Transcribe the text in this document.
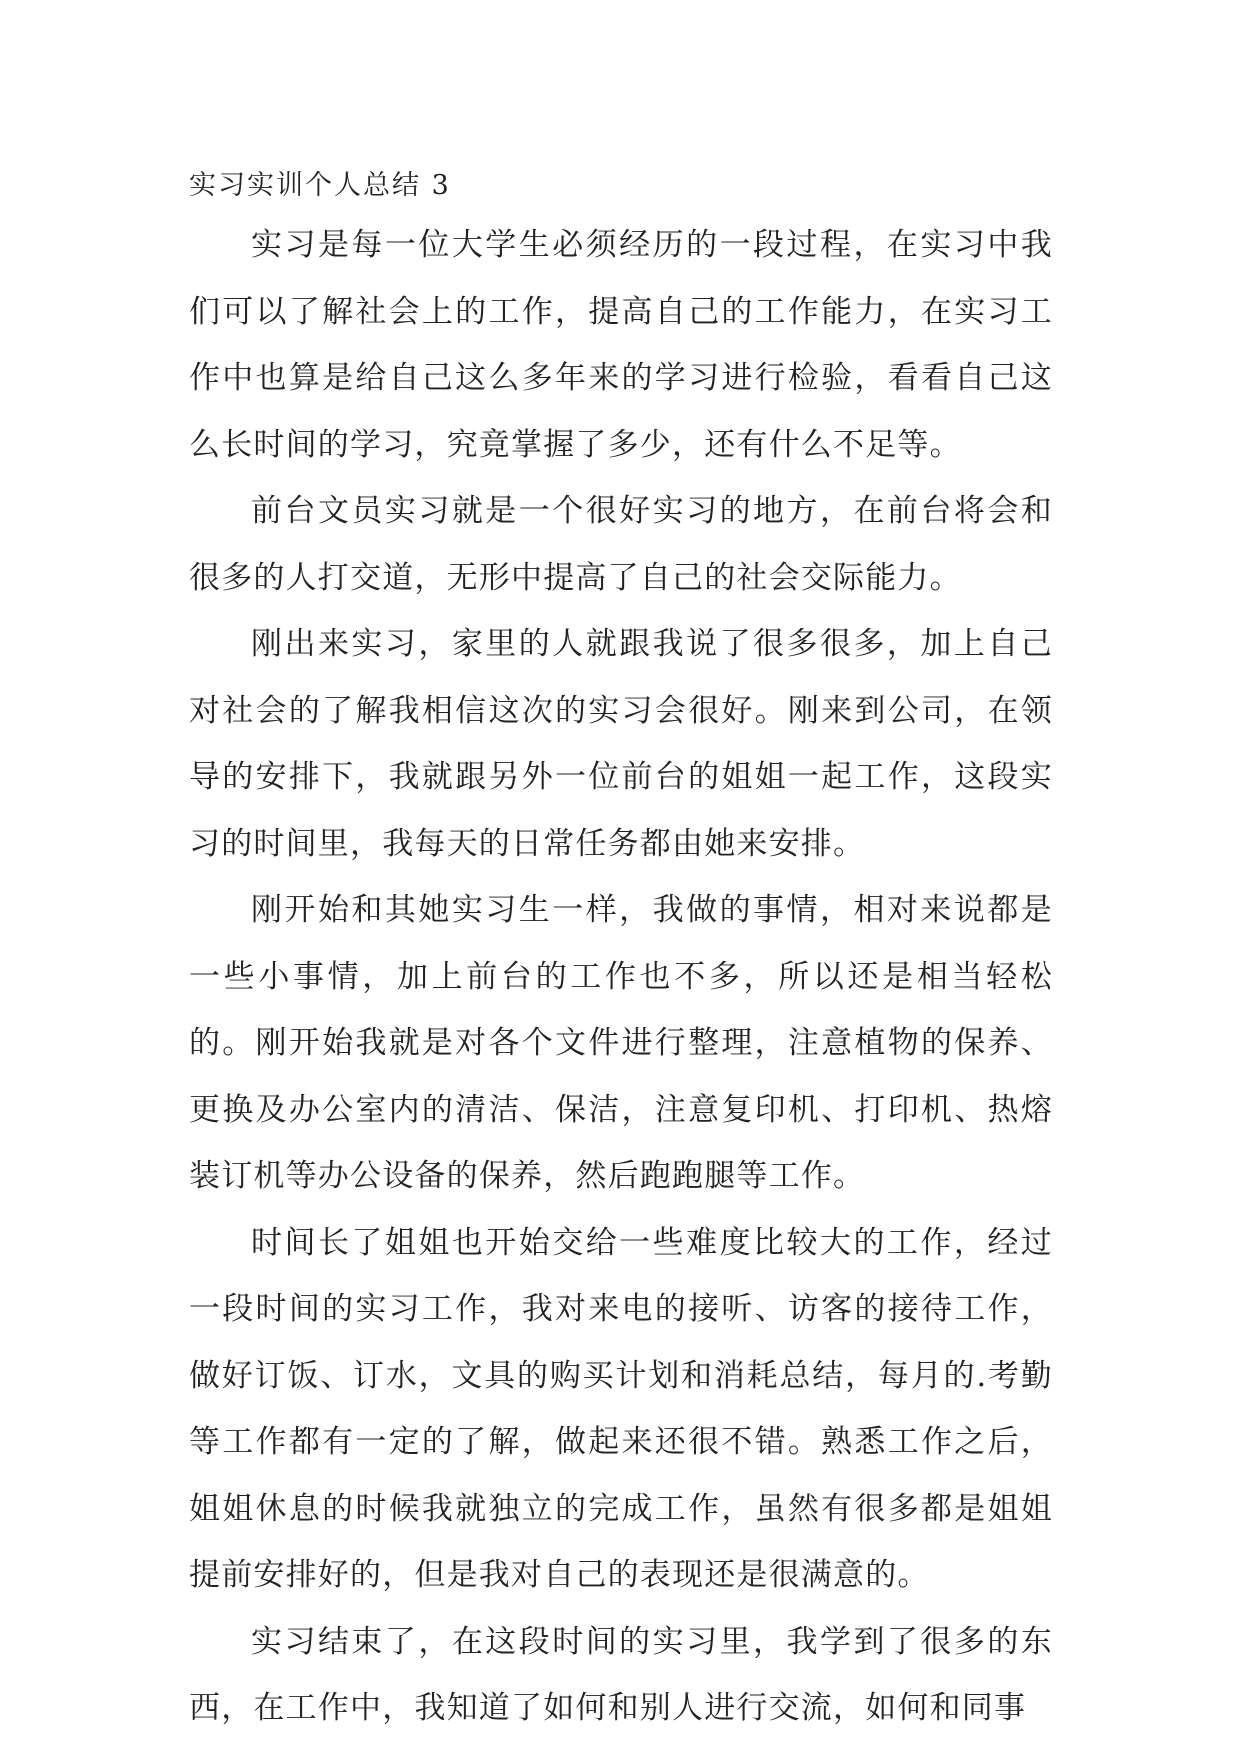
实习实训个人总结 3

实习是每一位大学生必须经历的一段过程，在实习中我们可以了解社会上的工作，提高自己的工作能力，在实习工作中也算是给自己这么多年来的学习进行检验，看看自己这么长时间的学习，究竟掌握了多少，还有什么不足等。

前台文员实习就是一个很好实习的地方，在前台将会和很多的人打交道，无形中提高了自己的社会交际能力。

刚出来实习，家里的人就跟我说了很多很多，加上自己对社会的了解我相信这次的实习会很好。刚来到公司，在领导的安排下，我就跟另外一位前台的姐姐一起工作，这段实习的时间里，我每天的日常任务都由她来安排。

刚开始和其她实习生一样，我做的事情，相对来说都是一些小事情，加上前台的工作也不多，所以还是相当轻松的。刚开始我就是对各个文件进行整理，注意植物的保养、更换及办公室内的清洁、保洁，注意复印机、打印机、热熔装订机等办公设备的保养，然后跑跑腿等工作。

时间长了姐姐也开始交给一些难度比较大的工作，经过一段时间的实习工作，我对来电的接听、访客的接待工作，做好订饭、订水，文具的购买计划和消耗总结，每月的.考勤等工作都有一定的了解，做起来还很不错。熟悉工作之后，姐姐休息的时候我就独立的完成工作，虽然有很多都是姐姐提前安排好的，但是我对自己的表现还是很满意的。

实习结束了，在这段时间的实习里，我学到了很多的东西，在工作中，我知道了如何和别人进行交流，如何和同事
